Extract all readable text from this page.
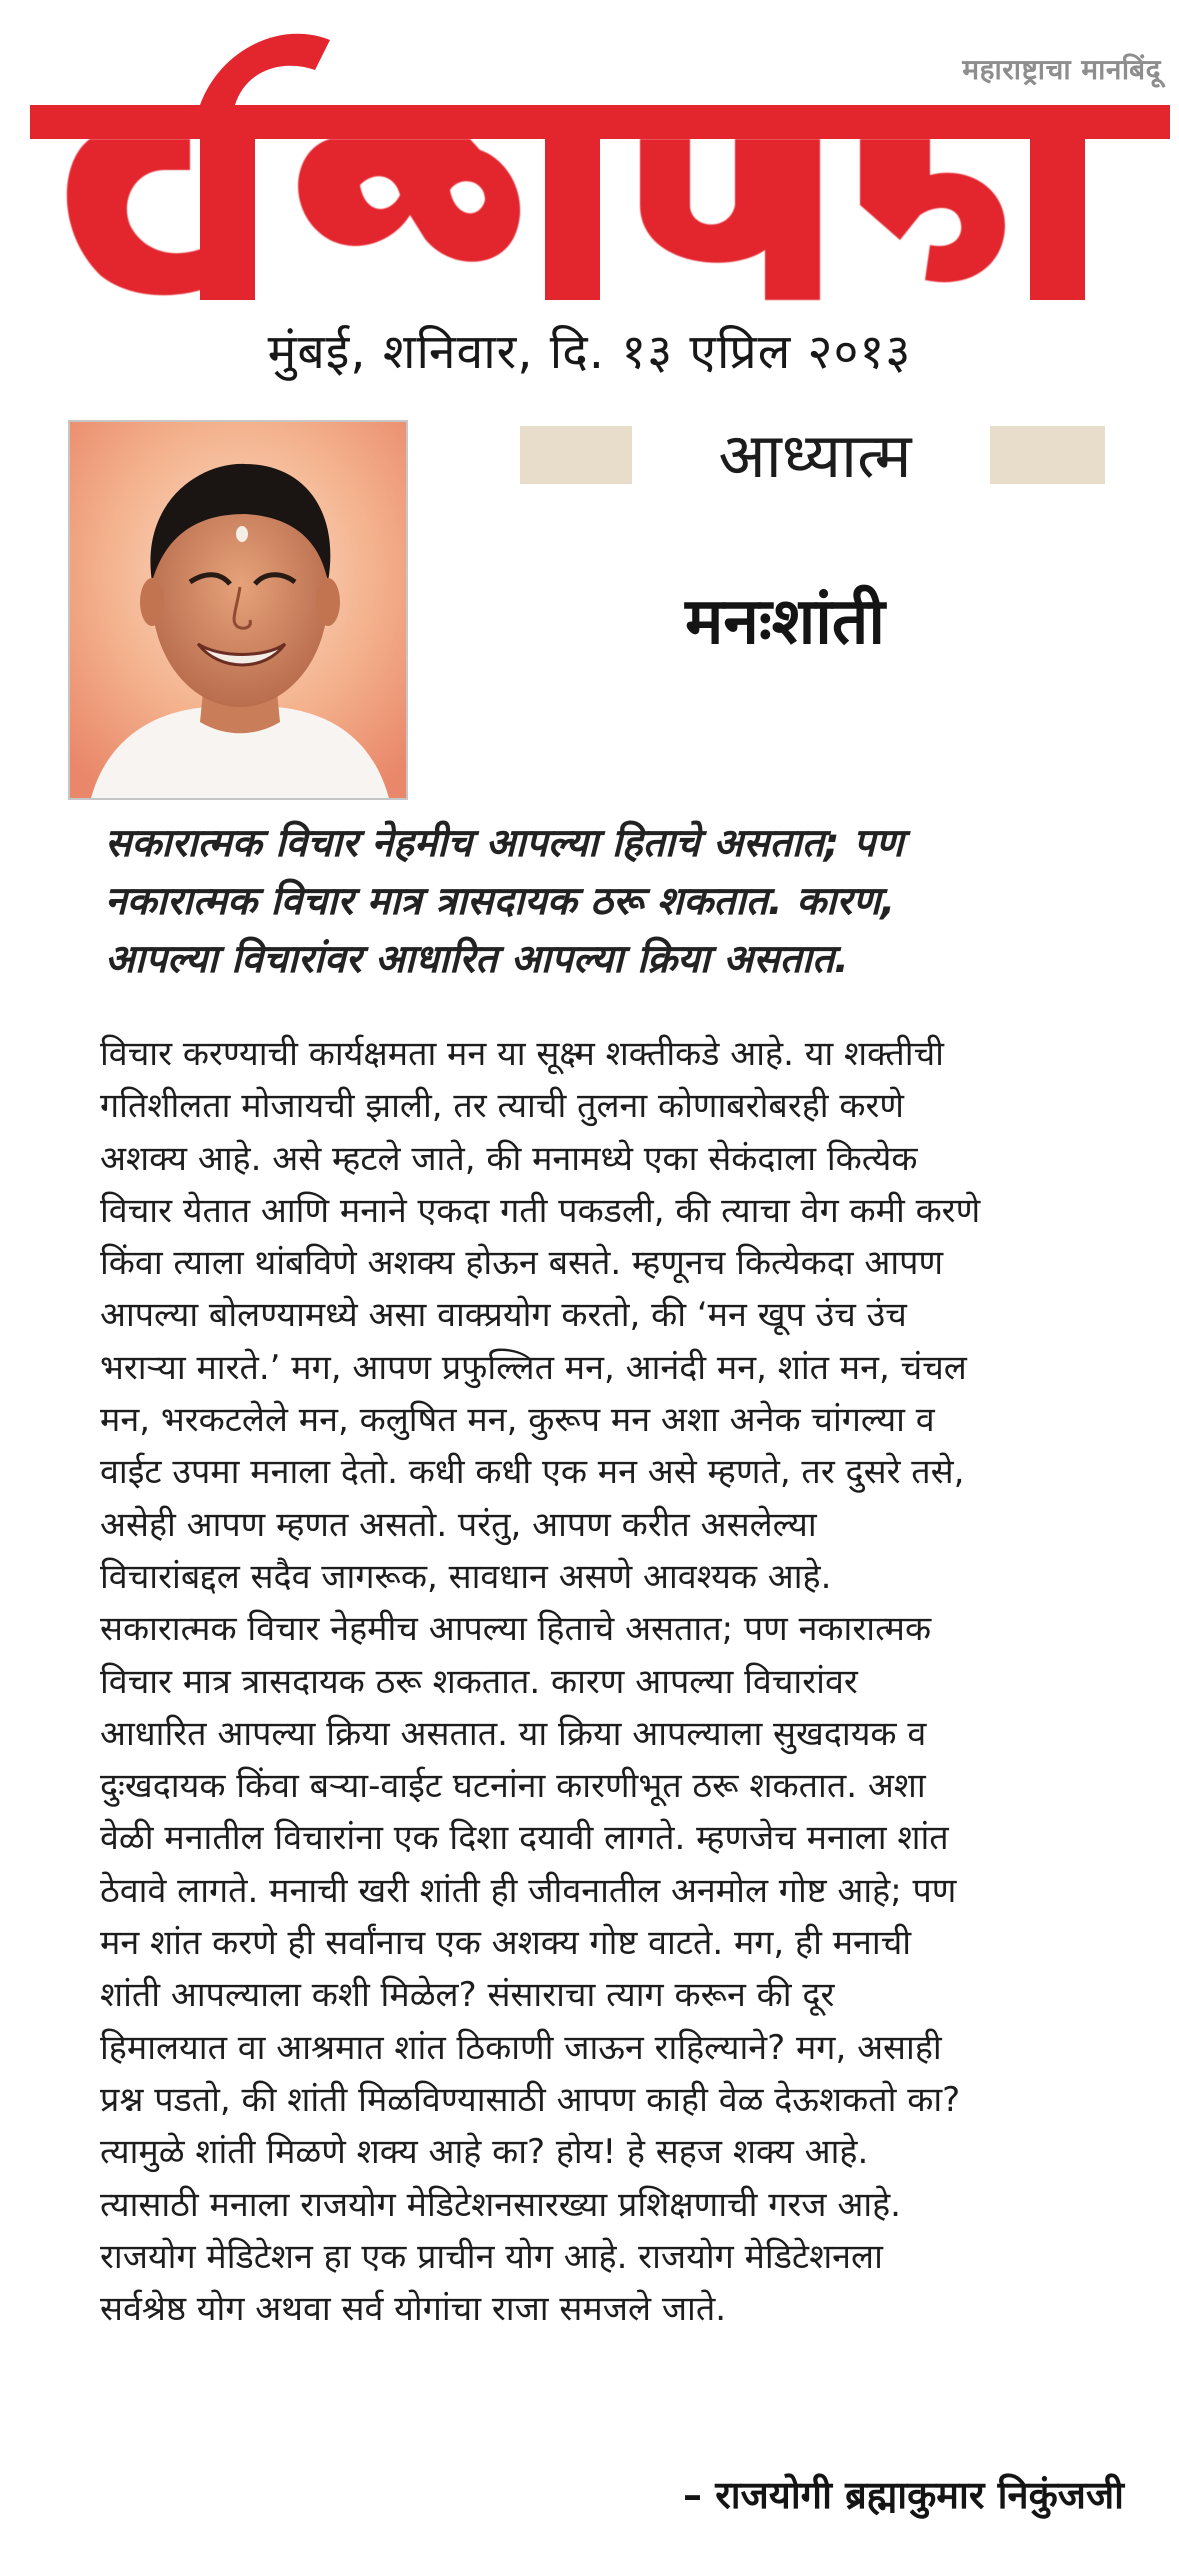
महाराष्ट्राचा मानबिंदू
मुंबई, शनिवार, दि. १३ एप्रिल २०१३
आध्यात्म
मनःशांती
सकारात्मक विचार नेहमीच आपल्या हिताचे असतात; पण
नकारात्मक विचार मात्र त्रासदायक ठरू शकतात. कारण,
आपल्या विचारांवर आधारित आपल्या क्रिया असतात.
विचार करण्याची कार्यक्षमता मन या सूक्ष्म शक्तीकडे आहे. या शक्तीची
गतिशीलता मोजायची झाली, तर त्याची तुलना कोणाबरोबरही करणे
अशक्य आहे. असे म्हटले जाते, की मनामध्ये एका सेकंदाला कित्येक
विचार येतात आणि मनाने एकदा गती पकडली, की त्याचा वेग कमी करणे
किंवा त्याला थांबविणे अशक्य होऊन बसते. म्हणूनच कित्येकदा आपण
आपल्या बोलण्यामध्ये असा वाक्प्रयोग करतो, की ‘मन खूप उंच उंच
भराऱ्या मारते.’ मग, आपण प्रफुल्लित मन, आनंदी मन, शांत मन, चंचल
मन, भरकटलेले मन, कलुषित मन, कुरूप मन अशा अनेक चांगल्या व
वाईट उपमा मनाला देतो. कधी कधी एक मन असे म्हणते, तर दुसरे तसे,
असेही आपण म्हणत असतो. परंतु, आपण करीत असलेल्या
विचारांबद्दल सदैव जागरूक, सावधान असणे आवश्यक आहे.
सकारात्मक विचार नेहमीच आपल्या हिताचे असतात; पण नकारात्मक
विचार मात्र त्रासदायक ठरू शकतात. कारण आपल्या विचारांवर
आधारित आपल्या क्रिया असतात. या क्रिया आपल्याला सुखदायक व
दुःखदायक किंवा बऱ्या-वाईट घटनांना कारणीभूत ठरू शकतात. अशा
वेळी मनातील विचारांना एक दिशा दयावी लागते. म्हणजेच मनाला शांत
ठेवावे लागते. मनाची खरी शांती ही जीवनातील अनमोल गोष्ट आहे; पण
मन शांत करणे ही सर्वांनाच एक अशक्य गोष्ट वाटते. मग, ही मनाची
शांती आपल्याला कशी मिळेल? संसाराचा त्याग करून की दूर
हिमालयात वा आश्रमात शांत ठिकाणी जाऊन राहिल्याने? मग, असाही
प्रश्न पडतो, की शांती मिळविण्यासाठी आपण काही वेळ देऊशकतो का?
त्यामुळे शांती मिळणे शक्य आहे का? होय! हे सहज शक्य आहे.
त्यासाठी मनाला राजयोग मेडिटेशनसारख्या प्रशिक्षणाची गरज आहे.
राजयोग मेडिटेशन हा एक प्राचीन योग आहे. राजयोग मेडिटेशनला
सर्वश्रेष्ठ योग अथवा सर्व योगांचा राजा समजले जाते.
– राजयोगी ब्रह्माकुमार निकुंजजी
